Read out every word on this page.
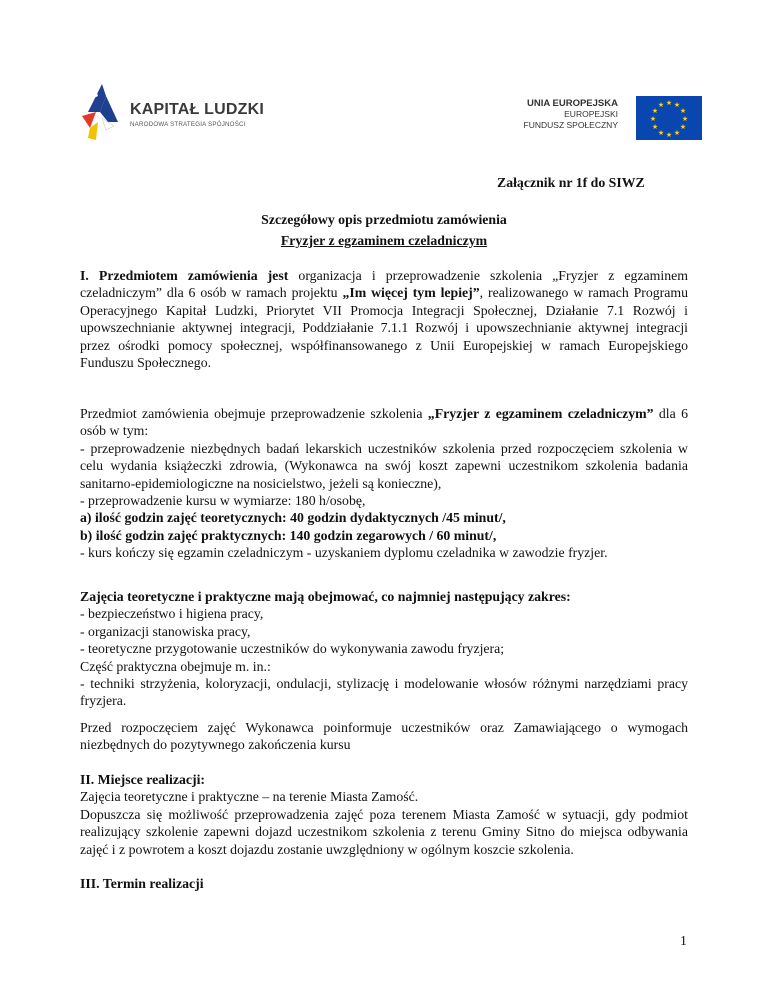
KAPITAŁ LUDZKI
NARODOWA STRATEGIA SPÓJNOŚCI
UNIA EUROPEJSKA
EUROPEJSKI
FUNDUSZ SPOŁECZNY
★ ★
★
★
★
★
★
★
★
★
★
★
Załącznik nr 1f do SIWZ
Szczegółowy opis przedmiotu zamówienia
Fryzjer z egzaminem czeladniczym
I. Przedmiotem zamówienia jest organizacja i przeprowadzenie szkolenia „Fryzjer z egzaminem czeladniczym” dla 6 osób w ramach projektu „Im więcej tym lepiej”, realizowanego w ramach Programu Operacyjnego Kapitał Ludzki, Priorytet VII Promocja Integracji Społecznej, Działanie 7.1 Rozwój i upowszechnianie aktywnej integracji, Poddziałanie 7.1.1 Rozwój i upowszechnianie aktywnej integracji przez ośrodki pomocy społecznej, współfinansowanego z Unii Europejskiej w ramach Europejskiego Funduszu Społecznego.
Przedmiot zamówienia obejmuje przeprowadzenie szkolenia „Fryzjer z egzaminem czeladniczym” dla 6 osób w tym:
- przeprowadzenie niezbędnych badań lekarskich uczestników szkolenia przed rozpoczęciem szkolenia w celu wydania książeczki zdrowia, (Wykonawca na swój koszt zapewni uczestnikom szkolenia badania sanitarno-epidemiologiczne na nosicielstwo, jeżeli są konieczne),
- przeprowadzenie kursu w wymiarze: 180 h/osobę,
a) ilość godzin zajęć teoretycznych: 40 godzin dydaktycznych /45 minut/,
b) ilość godzin zajęć praktycznych: 140 godzin zegarowych / 60 minut/,
- kurs kończy się egzamin czeladniczym - uzyskaniem dyplomu czeladnika w zawodzie fryzjer.
Zajęcia teoretyczne i praktyczne mają obejmować, co najmniej następujący zakres:
- bezpieczeństwo i higiena pracy,
- organizacji stanowiska pracy,
- teoretyczne przygotowanie uczestników do wykonywania zawodu fryzjera;
Część praktyczna obejmuje m. in.:
- techniki strzyżenia, koloryzacji, ondulacji, stylizację i modelowanie włosów różnymi narzędziami pracy fryzjera.
Przed rozpoczęciem zajęć Wykonawca poinformuje uczestników oraz Zamawiającego o wymogach niezbędnych do pozytywnego zakończenia kursu
II. Miejsce realizacji:
Zajęcia teoretyczne i praktyczne – na terenie Miasta Zamość.
Dopuszcza się możliwość przeprowadzenia zajęć poza terenem Miasta Zamość w sytuacji, gdy podmiot realizujący szkolenie zapewni dojazd uczestnikom szkolenia z terenu Gminy Sitno do miejsca odbywania zajęć i z powrotem a koszt dojazdu zostanie uwzględniony w ogólnym koszcie szkolenia.
III. Termin realizacji
1
